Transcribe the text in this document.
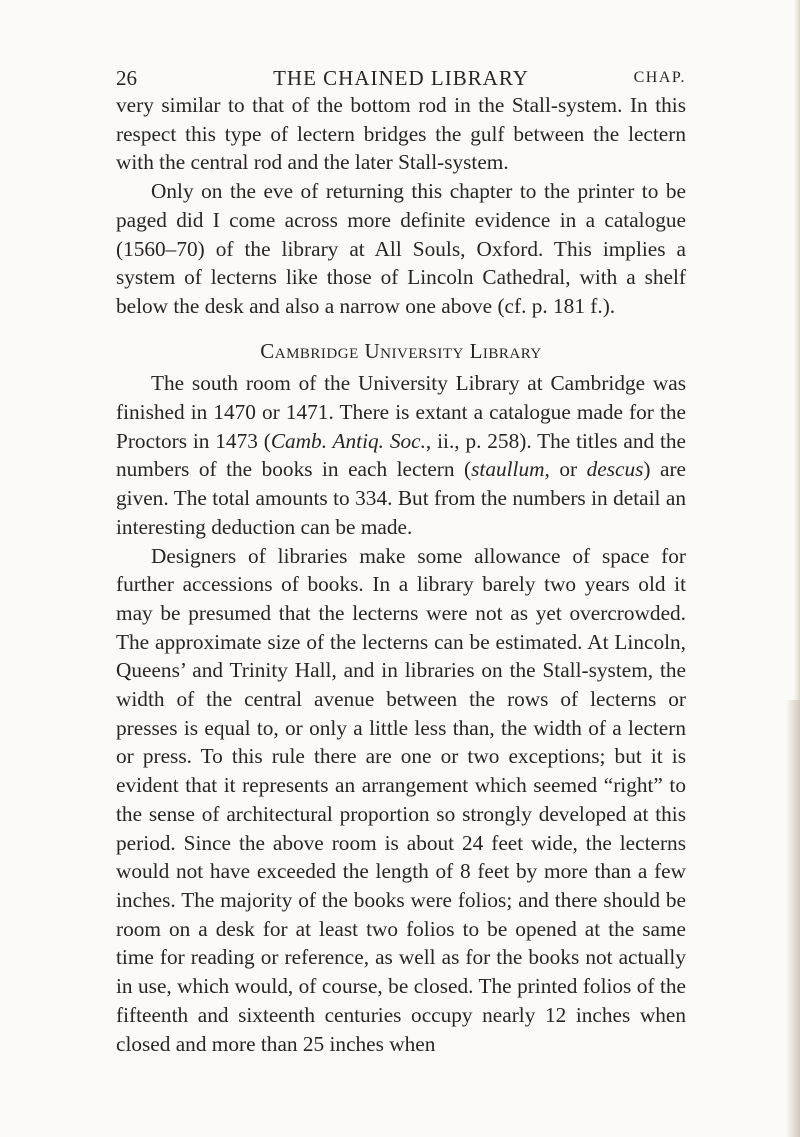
26	THE CHAINED LIBRARY	CHAP.

very similar to that of the bottom rod in the Stall-system. In this respect this type of lectern bridges the gulf between the lectern with the central rod and the later Stall-system.

Only on the eve of returning this chapter to the printer to be paged did I come across more definite evidence in a catalogue (1560–70) of the library at All Souls, Oxford. This implies a system of lecterns like those of Lincoln Cathedral, with a shelf below the desk and also a narrow one above (cf. p. 181 f.).

Cambridge University Library

The south room of the University Library at Cambridge was finished in 1470 or 1471. There is extant a catalogue made for the Proctors in 1473 (Camb. Antiq. Soc., ii., p. 258). The titles and the numbers of the books in each lectern (staullum, or descus) are given. The total amounts to 334. But from the numbers in detail an interesting deduction can be made.

Designers of libraries make some allowance of space for further accessions of books. In a library barely two years old it may be presumed that the lecterns were not as yet overcrowded. The approximate size of the lecterns can be estimated. At Lincoln, Queens’ and Trinity Hall, and in libraries on the Stall-system, the width of the central avenue between the rows of lecterns or presses is equal to, or only a little less than, the width of a lectern or press. To this rule there are one or two exceptions; but it is evident that it represents an arrangement which seemed “right” to the sense of architectural proportion so strongly developed at this period. Since the above room is about 24 feet wide, the lecterns would not have exceeded the length of 8 feet by more than a few inches. The majority of the books were folios; and there should be room on a desk for at least two folios to be opened at the same time for reading or reference, as well as for the books not actually in use, which would, of course, be closed. The printed folios of the fifteenth and sixteenth centuries occupy nearly 12 inches when closed and more than 25 inches when
